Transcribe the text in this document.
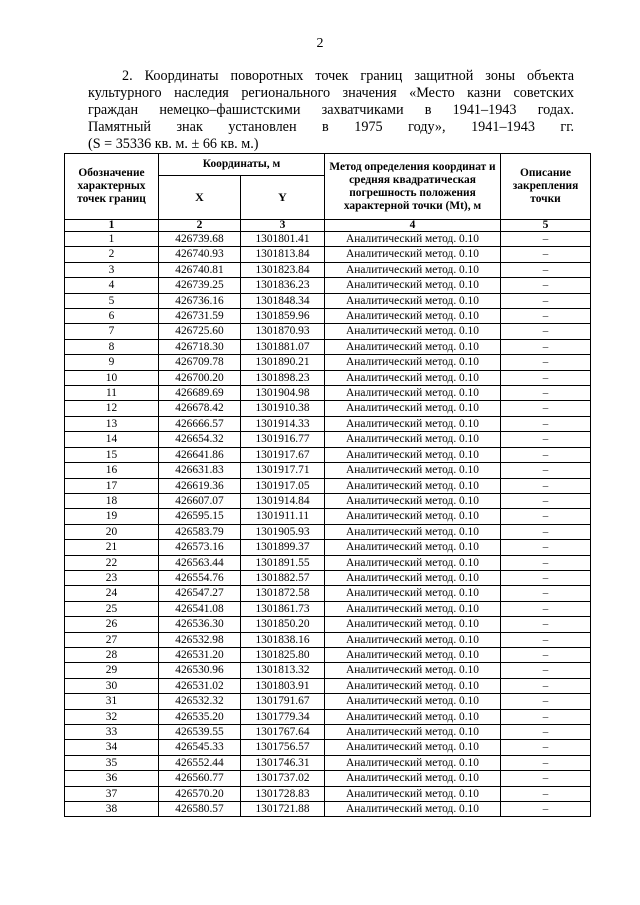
2
2. Координаты поворотных точек границ защитной зоны объекта
культурного наследия регионального значения «Место казни советских
граждан немецко–фашистскими захватчиками в 1941–1943 годах.
Памятный знак установлен в 1975 году», 1941–1943 гг.
(S = 35336 кв. м. ± 66 кв. м.)
Обозначение характерных точек границ	Координаты, м		Метод определения координат и средняя квадратическая погрешность положения характерной точки (Mt), м	Описание закрепления точки
	X	Y		
1	2	3	4	5
1	426739.68	1301801.41	Аналитический метод. 0.10	–
2	426740.93	1301813.84	Аналитический метод. 0.10	–
3	426740.81	1301823.84	Аналитический метод. 0.10	–
4	426739.25	1301836.23	Аналитический метод. 0.10	–
5	426736.16	1301848.34	Аналитический метод. 0.10	–
6	426731.59	1301859.96	Аналитический метод. 0.10	–
7	426725.60	1301870.93	Аналитический метод. 0.10	–
8	426718.30	1301881.07	Аналитический метод. 0.10	–
9	426709.78	1301890.21	Аналитический метод. 0.10	–
10	426700.20	1301898.23	Аналитический метод. 0.10	–
11	426689.69	1301904.98	Аналитический метод. 0.10	–
12	426678.42	1301910.38	Аналитический метод. 0.10	–
13	426666.57	1301914.33	Аналитический метод. 0.10	–
14	426654.32	1301916.77	Аналитический метод. 0.10	–
15	426641.86	1301917.67	Аналитический метод. 0.10	–
16	426631.83	1301917.71	Аналитический метод. 0.10	–
17	426619.36	1301917.05	Аналитический метод. 0.10	–
18	426607.07	1301914.84	Аналитический метод. 0.10	–
19	426595.15	1301911.11	Аналитический метод. 0.10	–
20	426583.79	1301905.93	Аналитический метод. 0.10	–
21	426573.16	1301899.37	Аналитический метод. 0.10	–
22	426563.44	1301891.55	Аналитический метод. 0.10	–
23	426554.76	1301882.57	Аналитический метод. 0.10	–
24	426547.27	1301872.58	Аналитический метод. 0.10	–
25	426541.08	1301861.73	Аналитический метод. 0.10	–
26	426536.30	1301850.20	Аналитический метод. 0.10	–
27	426532.98	1301838.16	Аналитический метод. 0.10	–
28	426531.20	1301825.80	Аналитический метод. 0.10	–
29	426530.96	1301813.32	Аналитический метод. 0.10	–
30	426531.02	1301803.91	Аналитический метод. 0.10	–
31	426532.32	1301791.67	Аналитический метод. 0.10	–
32	426535.20	1301779.34	Аналитический метод. 0.10	–
33	426539.55	1301767.64	Аналитический метод. 0.10	–
34	426545.33	1301756.57	Аналитический метод. 0.10	–
35	426552.44	1301746.31	Аналитический метод. 0.10	–
36	426560.77	1301737.02	Аналитический метод. 0.10	–
37	426570.20	1301728.83	Аналитический метод. 0.10	–
38	426580.57	1301721.88	Аналитический метод. 0.10	–
